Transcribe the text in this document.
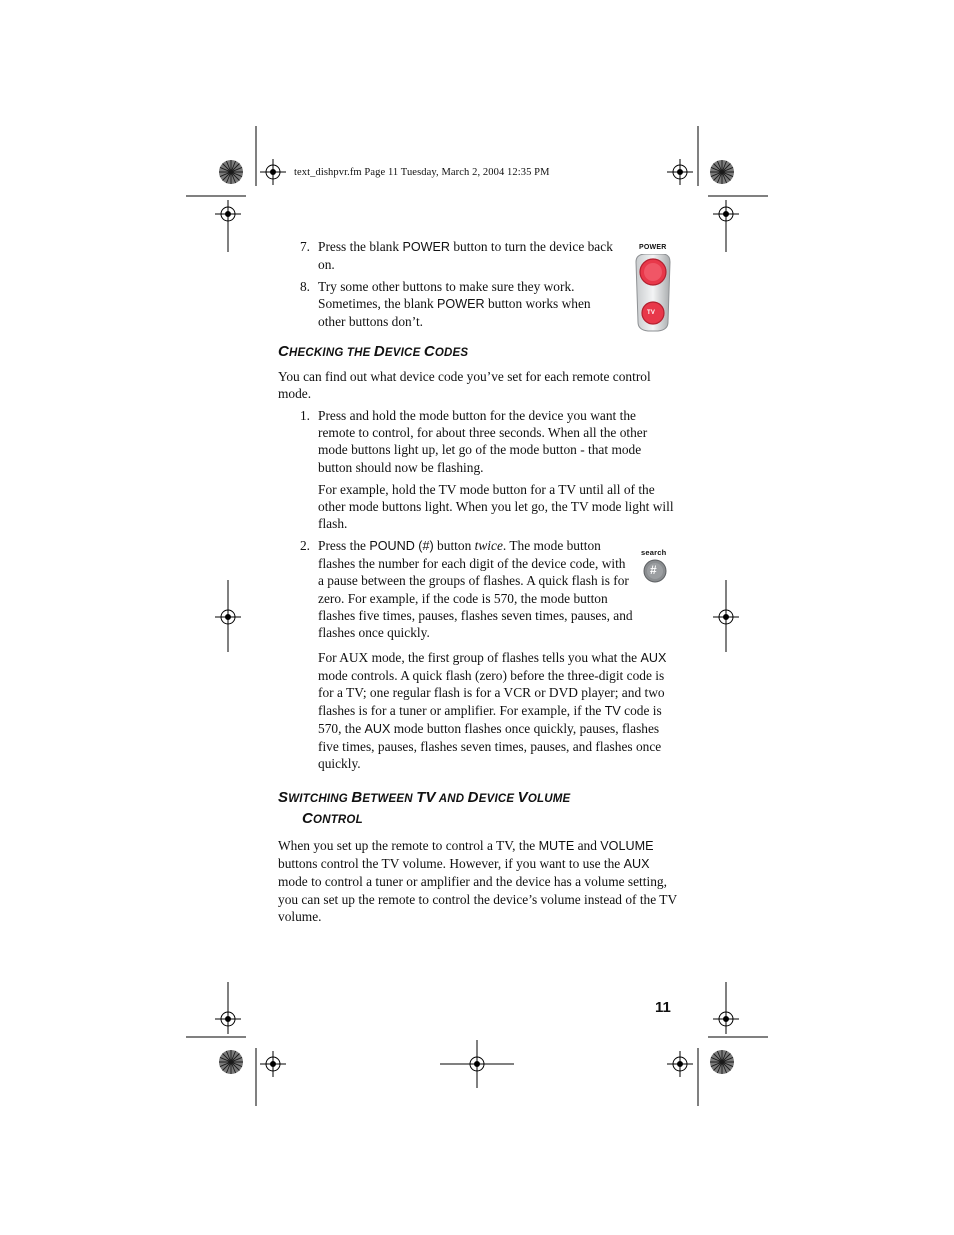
text_dishpvr.fm Page 11 Tuesday, March 2, 2004 12:35 PM
7. Press the blank POWER button to turn the device back on.
8. Try some other buttons to make sure they work. Sometimes, the blank POWER button works when other buttons don’t.
POWER
TV
CHECKING THE DEVICE CODES
You can find out what device code you’ve set for each remote control mode.
1. Press and hold the mode button for the device you want the remote to control, for about three seconds. When all the other mode buttons light up, let go of the mode button - that mode button should now be flashing.
For example, hold the TV mode button for a TV until all of the other mode buttons light. When you let go, the TV mode light will flash.
2. Press the POUND (#) button twice. The mode button flashes the number for each digit of the device code, with a pause between the groups of flashes. A quick flash is for zero. For example, if the code is 570, the mode button flashes five times, pauses, flashes seven times, pauses, and flashes once quickly.
search
#
For AUX mode, the first group of flashes tells you what the AUX mode controls. A quick flash (zero) before the three-digit code is for a TV; one regular flash is for a VCR or DVD player; and two flashes is for a tuner or amplifier. For example, if the TV code is 570, the AUX mode button flashes once quickly, pauses, flashes five times, pauses, flashes seven times, pauses, and flashes once quickly.
SWITCHING BETWEEN TV AND DEVICE VOLUME
CONTROL
When you set up the remote to control a TV, the MUTE and VOLUME buttons control the TV volume. However, if you want to use the AUX mode to control a tuner or amplifier and the device has a volume setting, you can set up the remote to control the device’s volume instead of the TV volume.
11
